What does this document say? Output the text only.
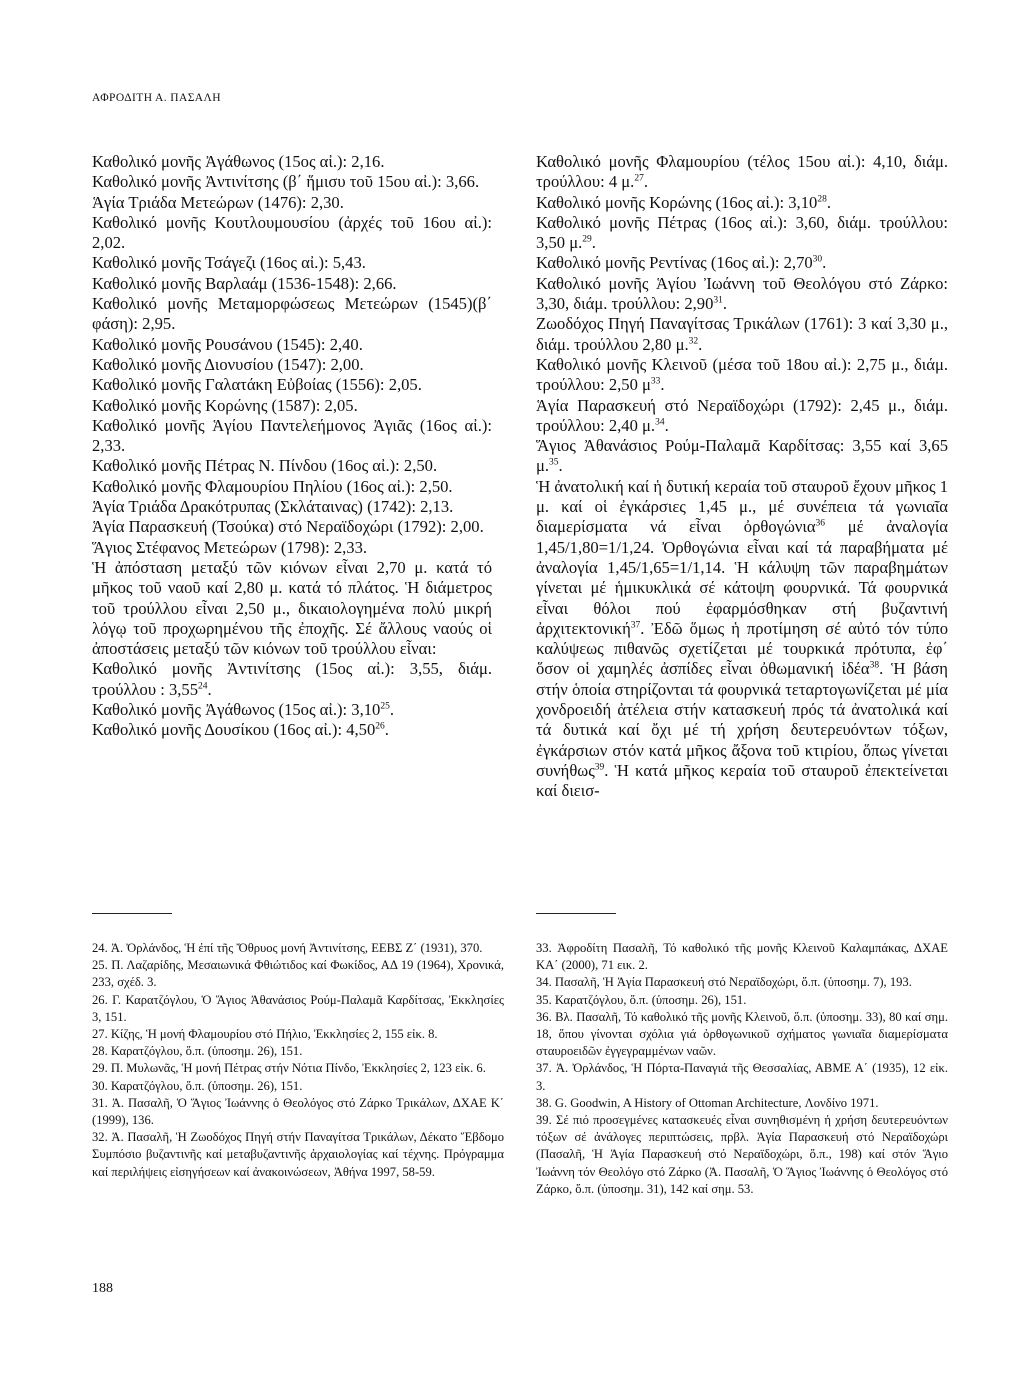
ΑΦΡΟΔΙΤΗ Α. ΠΑΣΑΛΗ

Καθολικό μονῆς Ἀγάθωνος (15ος αἰ.): 2,16.

Καθολικό μονῆς Ἀντινίτσης (β΄ ἥμισυ τοῦ 15ου αἰ.): 3,66.

Ἁγία Τριάδα Μετεώρων (1476): 2,30.

Καθολικό μονῆς Κουτλουμουσίου (ἀρχές τοῦ 16ου αἰ.): 2,02.

Καθολικό μονῆς Τσάγεζι (16ος αἰ.): 5,43.

Καθολικό μονῆς Βαρλαάμ (1536-1548): 2,66.

Καθολικό μονῆς Μεταμορφώσεως Μετεώρων (1545)(β΄ φάση): 2,95.

Καθολικό μονῆς Ρουσάνου (1545): 2,40.

Καθολικό μονῆς Διονυσίου (1547): 2,00.

Καθολικό μονῆς Γαλατάκη Εὐβοίας (1556): 2,05.

Καθολικό μονῆς Κορώνης (1587): 2,05.

Καθολικό μονῆς Ἁγίου Παντελεήμονος Ἀγιᾶς (16ος αἰ.): 2,33.

Καθολικό μονῆς Πέτρας Ν. Πίνδου (16ος αἰ.): 2,50.

Καθολικό μονῆς Φλαμουρίου Πηλίου (16ος αἰ.): 2,50.

Ἁγία Τριάδα Δρακότρυπας (Σκλάταινας) (1742): 2,13.

Ἁγία Παρασκευή (Τσούκα) στό Νεραϊδοχώρι (1792): 2,00.

Ἅγιος Στέφανος Μετεώρων (1798): 2,33.

Ἡ ἀπόσταση μεταξύ τῶν κιόνων εἶναι 2,70 μ. κατά τό μῆκος τοῦ ναοῦ καί 2,80 μ. κατά τό πλάτος. Ἡ διάμετρος τοῦ τρούλλου εἶναι 2,50 μ., δικαιολογημένα πολύ μικρή λόγῳ τοῦ προχωρημένου τῆς ἐποχῆς. Σέ ἄλλους ναούς οἱ ἀποστάσεις μεταξύ τῶν κιόνων τοῦ τρούλλου εἶναι:

Καθολικό μονῆς Ἀντινίτσης (15ος αἰ.): 3,55, διάμ. τρούλλου : 3,55$^{24}$.

Καθολικό μονῆς Ἀγάθωνος (15ος αἰ.): 3,10$^{25}$.

Καθολικό μονῆς Δουσίκου (16ος αἰ.): 4,50$^{26}$.

Καθολικό μονῆς Φλαμουρίου (τέλος 15ου αἰ.): 4,10, διάμ. τρούλλου: 4 μ.$^{27}$.

Καθολικό μονῆς Κορώνης (16ος αἰ.): 3,10$^{28}$.

Καθολικό μονῆς Πέτρας (16ος αἰ.): 3,60, διάμ. τρούλλου: 3,50 μ.$^{29}$.

Καθολικό μονῆς Ρεντίνας (16ος αἰ.): 2,70$^{30}$.

Καθολικό μονῆς Ἁγίου Ἰωάννη τοῦ Θεολόγου στό Ζάρκο: 3,30, διάμ. τρούλλου: 2,90$^{31}$.

Ζωοδόχος Πηγή Παναγίτσας Τρικάλων (1761): 3 καί 3,30 μ., διάμ. τρούλλου 2,80 μ.$^{32}$.

Καθολικό μονῆς Κλεινοῦ (μέσα τοῦ 18ου αἰ.): 2,75 μ., διάμ. τρούλλου: 2,50 $\mu^{33}$.

Ἁγία Παρασκευή στό Νεραϊδοχώρι (1792): 2,45 μ., διάμ. τρούλλου: 2,40 μ.$^{34}$.

Ἅγιος Ἀθανάσιος Ρούμ-Παλαμᾶ Καρδίτσας: 3,55 καί 3,65 μ.$^{35}$.

Ἡ ἀνατολική καί ἡ δυτική κεραία τοῦ σταυροῦ ἔχουν μῆκος 1 μ. καί οἱ ἐγκάρσιες 1,45 μ., μέ συνέπεια τά γωνιαῖα διαμερίσματα νά εἶναι ὀρθογώνια$^{36}$ μέ ἀναλογία 1,45/1,80=1/1,24. Ὀρθογώνια εἶναι καί τά παραβήματα μέ ἀναλογία 1,45/1,65=1/1,14. Ἡ κάλυψη τῶν παραβημάτων γίνεται μέ ἡμικυκλικά σέ κάτοψη φουρνικά. Τά φουρνικά εἶναι θόλοι πού ἐφαρμόσθηκαν στή βυζαντινή ἀρχιτεκτονική$^{37}$. Ἐδῶ ὅμως ἡ προτίμηση σέ αὐτό τόν τύπο καλύψεως πιθανῶς σχετίζεται μέ τουρκικά πρότυπα, ἐφ΄ ὅσον οἱ χαμηλές ἀσπίδες εἶναι ὀθωμανική ἰδέα$^{38}$. Ἡ βάση στήν ὁποία στηρίζονται τά φουρνικά τεταρτογωνίζεται μέ μία χονδροειδή ἀτέλεια στήν κατασκευή πρός τά ἀνατολικά καί τά δυτικά καί ὄχι μέ τή χρήση δευτερευόντων τόξων, ἐγκάρσιων στόν κατά μῆκος ἄξονα τοῦ κτιρίου, ὅπως γίνεται συνήθως$^{39}$. Ἡ κατά μῆκος κεραία τοῦ σταυροῦ ἐπεκτείνεται καί διεισ-

24. Ἀ. Ὀρλάνδος, Ἡ ἐπί τῆς Ὄθρυος μονή Ἀντινίτσης, ΕΕΒΣ Ζ΄ (1931), 370.

25. Π. Λαζαρίδης, Μεσαιωνικά Φθιώτιδος καί Φωκίδος, ΑΔ 19 (1964), Χρονικά, 233, σχέδ. 3.

26. Γ. Καρατζόγλου, Ὁ Ἅγιος Ἀθανάσιος Ρούμ-Παλαμᾶ Καρδίτσας, Ἐκκλησίες 3, 151.

27. Κίζης, Ἡ μονή Φλαμουρίου στό Πήλιο, Ἐκκλησίες 2, 155 εἰκ. 8.

28. Καρατζόγλου, ὅ.π. (ὑποσημ. 26), 151.

29. Π. Μυλωνᾶς, Ἡ μονή Πέτρας στήν Νότια Πίνδο, Ἐκκλησίες 2, 123 εἰκ. 6.

30. Καρατζόγλου, ὅ.π. (ὑποσημ. 26), 151.

31. Ἀ. Πασαλῆ, Ὁ Ἅγιος Ἰωάννης ὁ Θεολόγος στό Ζάρκο Τρικάλων, ΔΧΑΕ Κ΄ (1999), 136.

32. Ἀ. Πασαλῆ, Ἡ Ζωοδόχος Πηγή στήν Παναγίτσα Τρικάλων, Δέκατο Ἕβδομο Συμπόσιο βυζαντινῆς καί μεταβυζαντινῆς ἀρχαιολογίας καί τέχνης. Πρόγραμμα καί περιλήψεις εἰσηγήσεων καί ἀνακοινώσεων, Ἀθήνα 1997, 58-59.

33. Ἀφροδίτη Πασαλῆ, Τό καθολικό τῆς μονῆς Κλεινοῦ Καλαμπάκας, ΔΧΑΕ ΚΑ΄ (2000), 71 εικ. 2.

34. Πασαλῆ, Ἡ Ἁγία Παρασκευή στό Νεραϊδοχώρι, ὅ.π. (ὑποσημ. 7), 193.

35. Καρατζόγλου, ὅ.π. (ὑποσημ. 26), 151.

36. Βλ. Πασαλῆ, Τό καθολικό τῆς μονῆς Κλεινοῦ, ὅ.π. (ὑποσημ. 33), 80 καί σημ. 18, ὅπου γίνονται σχόλια γιά ὀρθογωνικοῦ σχήματος γωνιαῖα διαμερίσματα σταυροειδῶν ἐγγεγραμμένων ναῶν.

37. Ἀ. Ὀρλάνδος, Ἡ Πόρτα-Παναγιά τῆς Θεσσαλίας, ΑΒΜΕ Α΄ (1935), 12 εἰκ. 3.

38. G. Goodwin, A History of Ottoman Architecture, Λονδίνο 1971.

39. Σέ πιό προσεγμένες κατασκευές εἶναι συνηθισμένη ἡ χρήση δευτερευόντων τόξων σέ ἀνάλογες περιπτώσεις, πρβλ. Ἁγία Παρασκευή στό Νεραϊδοχώρι (Πασαλῆ, Ἡ Ἁγία Παρασκευή στό Νεραϊδοχώρι, ὅ.π., 198) καί στόν Ἅγιο Ἰωάννη τόν Θεολόγο στό Ζάρκο (Ἀ. Πασαλῆ, Ὁ Ἅγιος Ἰωάννης ὁ Θεολόγος στό Ζάρκο, ὅ.π. (ὑποσημ. 31), 142 καί σημ. 53.

188
